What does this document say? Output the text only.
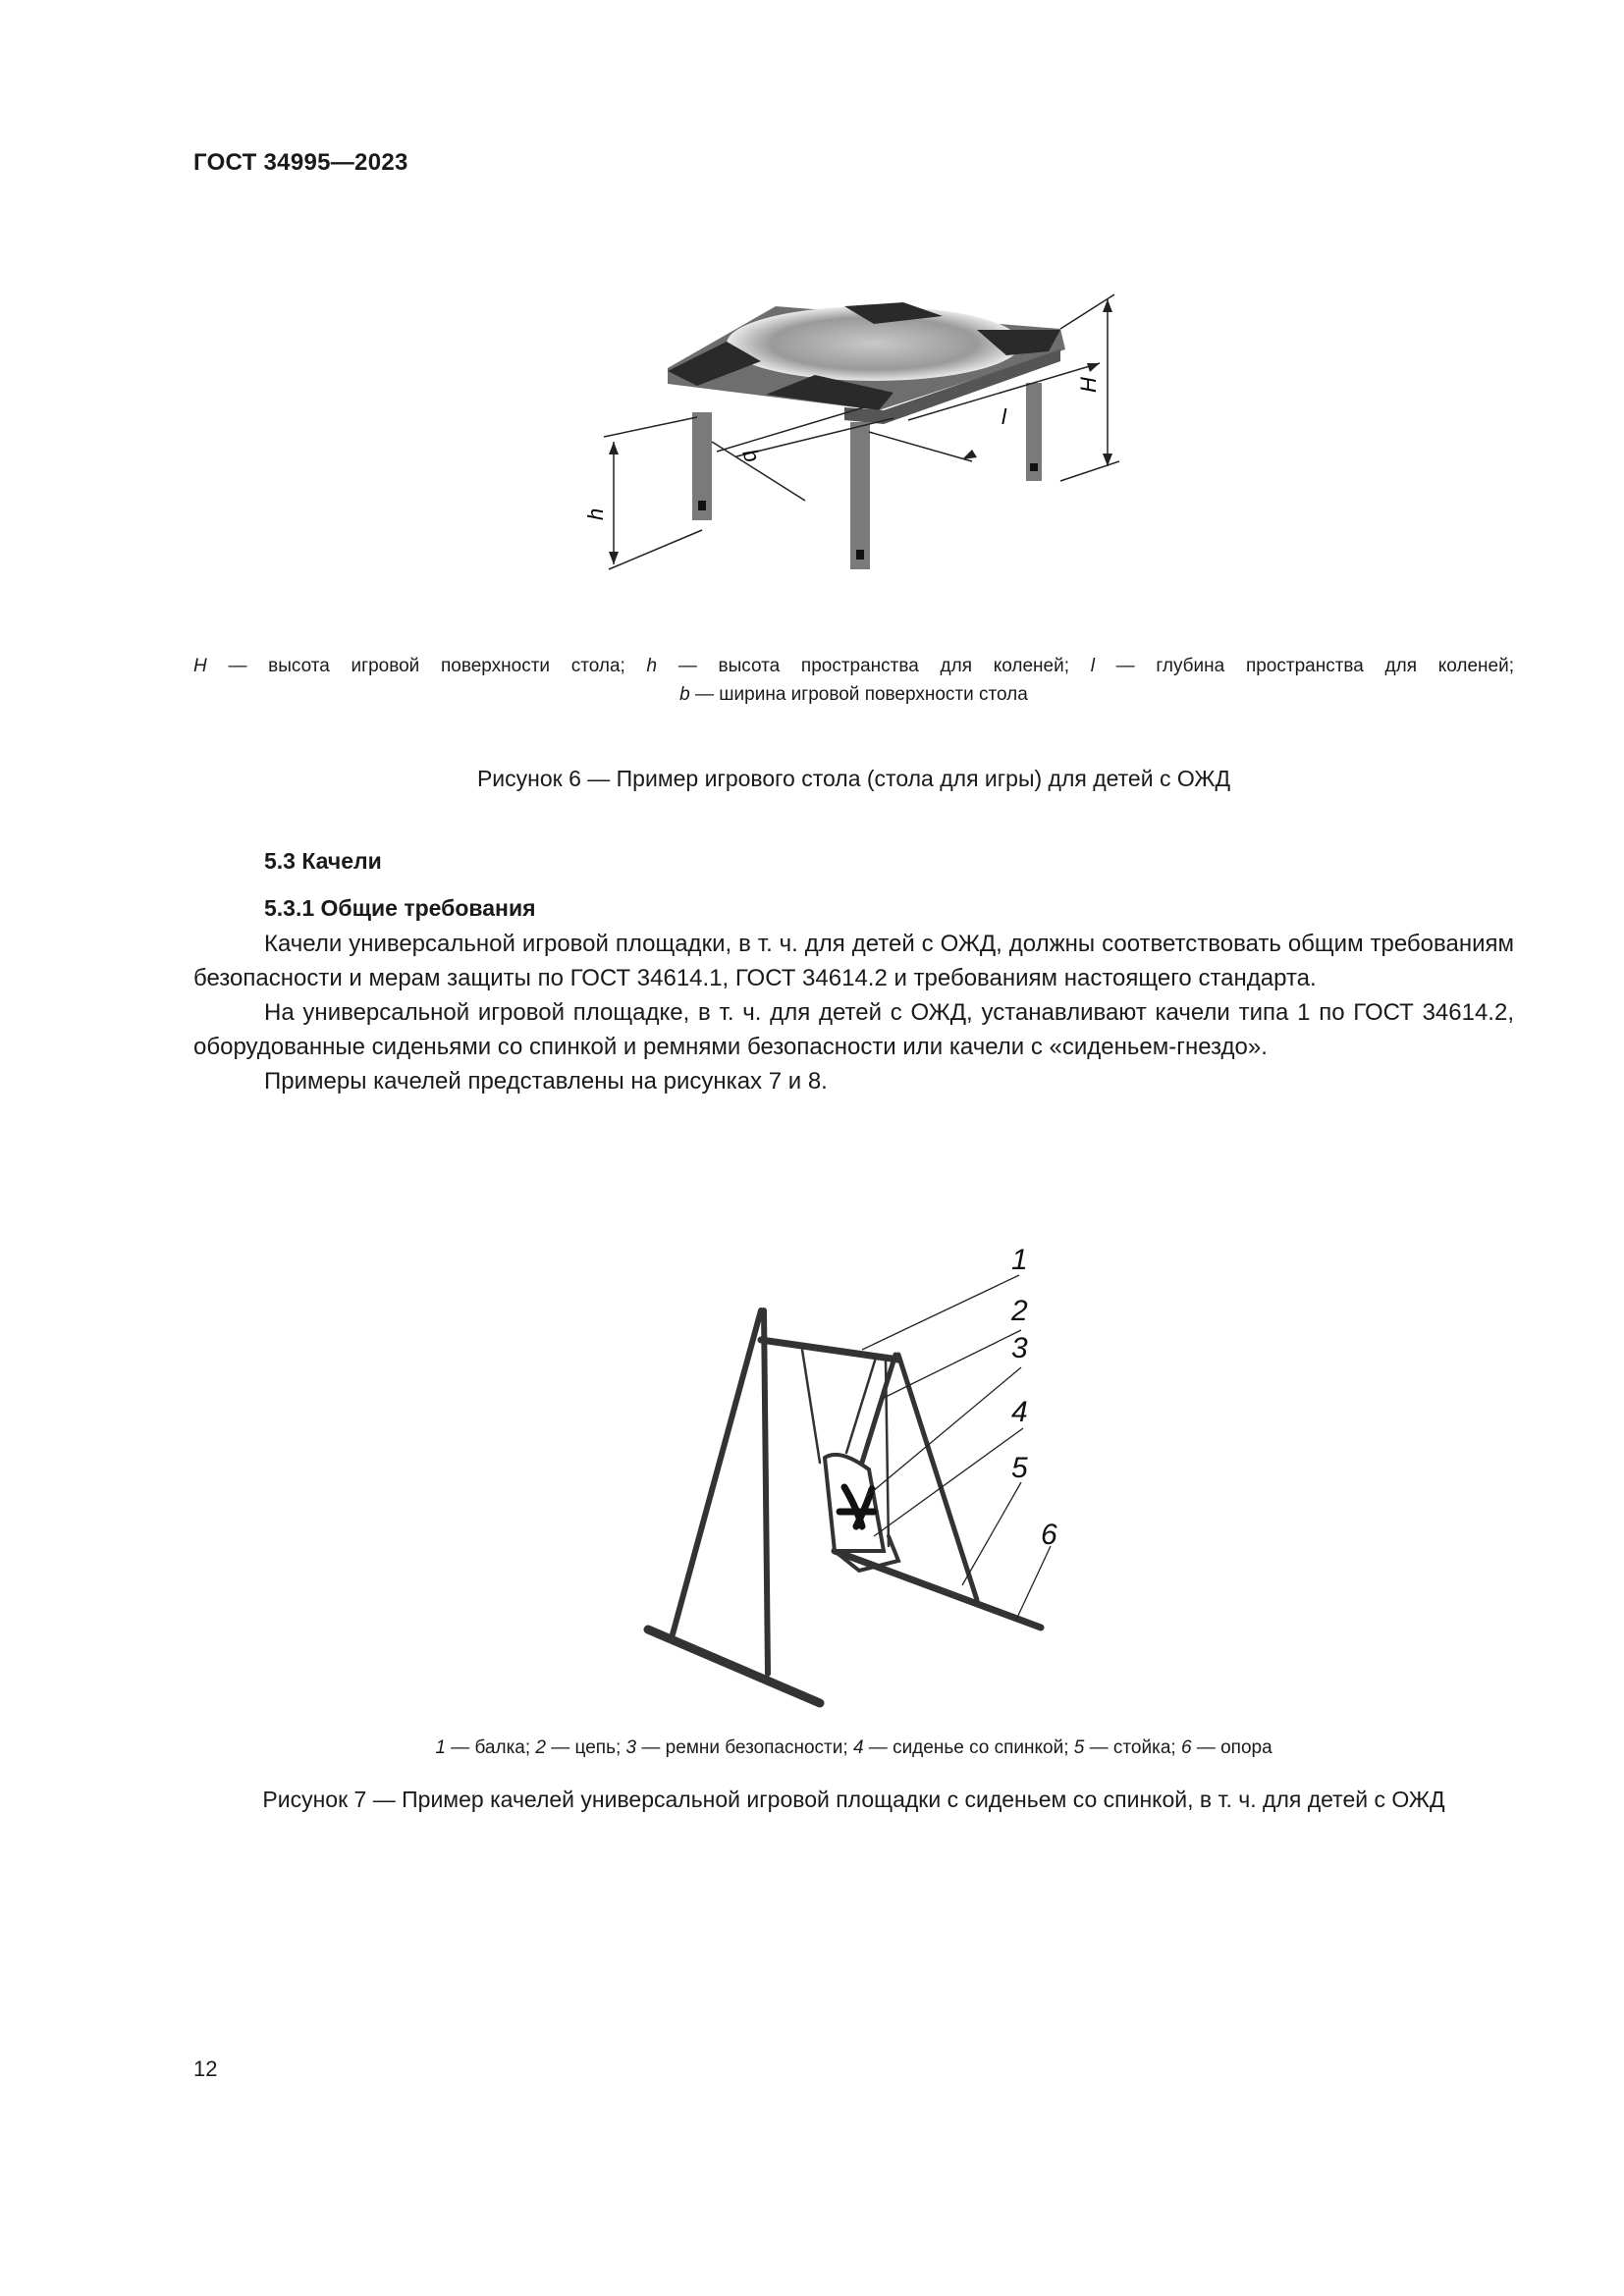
ГОСТ 34995—2023
H
l
b
h
H — высота игровой поверхности стола; h — высота пространства для коленей; l — глубина пространства для коленей;
b — ширина игровой поверхности стола
Рисунок 6 — Пример игрового стола (стола для игры) для детей с ОЖД
5.3 Качели
5.3.1 Общие требования

Качели универсальной игровой площадки, в т. ч. для детей с ОЖД, должны соответствовать общим требованиям безопасности и мерам защиты по ГОСТ 34614.1, ГОСТ 34614.2 и требованиям настоящего стандарта.

На универсальной игровой площадке, в т. ч. для детей с ОЖД, устанавливают качели типа 1 по ГОСТ 34614.2, оборудованные сиденьями со спинкой и ремнями безопасности или качели с «сиденьем-гнездо».

Примеры качелей представлены на рисунках 7 и 8.

1
2
3
4
5
6
1 — балка; 2 — цепь; 3 — ремни безопасности; 4 — сиденье со спинкой; 5 — стойка; 6 — опора
Рисунок 7 — Пример качелей универсальной игровой площадки с сиденьем со спинкой, в т. ч. для детей с ОЖД
12
